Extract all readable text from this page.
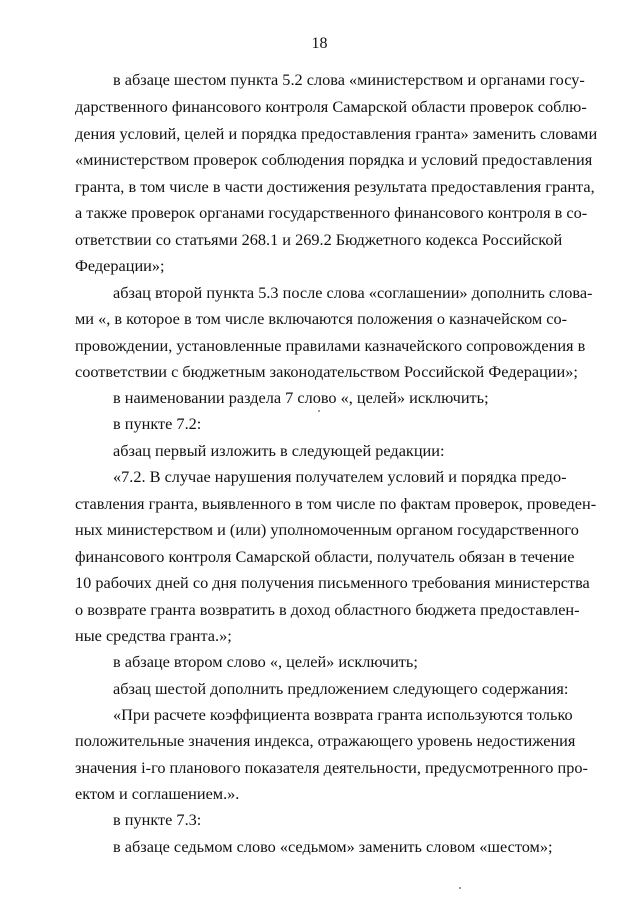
18
в абзаце шестом пункта 5.2 слова «министерством и органами госу-
дарственного финансового контроля Самарской области проверок соблю-
дения условий, целей и порядка предоставления гранта» заменить словами
«министерством проверок соблюдения порядка и условий предоставления
гранта, в том числе в части достижения результата предоставления гранта,
а также проверок органами государственного финансового контроля в со-
ответствии со статьями 268.1 и 269.2 Бюджетного кодекса Российской
Федерации»;
абзац второй пункта 5.3 после слова «соглашении» дополнить слова-
ми «, в которое в том числе включаются положения о казначейском со-
провождении, установленные правилами казначейского сопровождения в
соответствии с бюджетным законодательством Российской Федерации»;
в наименовании раздела 7 слово «, целей» исключить;
в пункте 7.2:
абзац первый изложить в следующей редакции:
«7.2. В случае нарушения получателем условий и порядка предо-
ставления гранта, выявленного в том числе по фактам проверок, проведен-
ных министерством и (или) уполномоченным органом государственного
финансового контроля Самарской области, получатель обязан в течение
10 рабочих дней со дня получения письменного требования министерства
о возврате гранта возвратить в доход областного бюджета предоставлен-
ные средства гранта.»;
в абзаце втором слово «, целей» исключить;
абзац шестой дополнить предложением следующего содержания:
«При расчете коэффициента возврата гранта используются только
положительные значения индекса, отражающего уровень недостижения
значения i-го планового показателя деятельности, предусмотренного про-
ектом и соглашением.».
в пункте 7.3:
в абзаце седьмом слово «седьмом» заменить словом «шестом»;
